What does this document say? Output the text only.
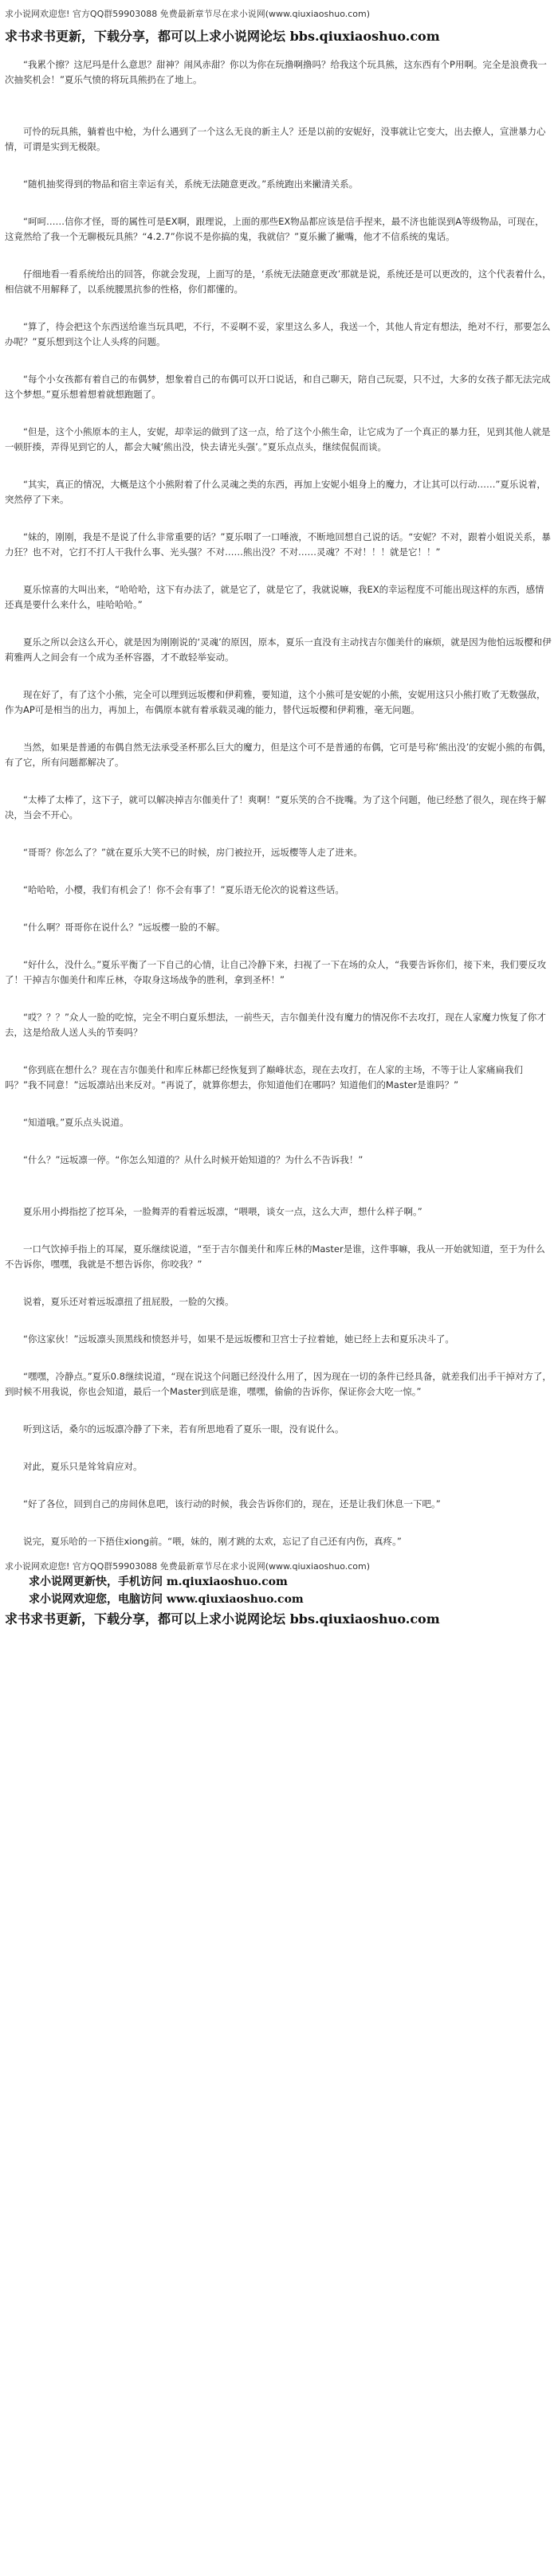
求小说网欢迎您! 官方QQ群59903088 免费最新章节尽在求小说网(www.qiuxiaoshuo.com)
求书求书更新，下载分享，都可以上求小说网论坛 bbs.qiuxiaoshuo.com

“我累个擦？这尼玛是什么意思？甜神？闹风赤甜？你以为你在玩撸啊撸吗？给我这个玩具熊，这东西有个P用啊。完全是浪费我一次抽奖机会！”夏乐气愤的将玩具熊扔在了地上。

可怜的玩具熊，躺着也中枪，为什么遇到了一个这么无良的新主人？还是以前的安妮好，没事就让它变大，出去撩人，宣泄暴力心情，可谓是实到无极限。

“随机抽奖得到的物品和宿主幸运有关，系统无法随意更改。”系统跑出来撇清关系。

“呵呵……信你才怪，哥的属性可是EX啊，跟理说，上面的那些EX物品都应该是信手捏来，最不济也能误到A等级物品，可现在，这竟然给了我一个无聊极玩具熊？“4.2.7”你说不是你搞的鬼，我就信？”夏乐撇了撇嘴，他才不信系统的鬼话。

仔细地看一看系统给出的回答，你就会发现，上面写的是，‘系统无法随意更改’那就是说，系统还是可以更改的，这个代表着什么，相信就不用解释了，以系统腰黑抗参的性格，你们都懂的。

“算了，待会把这个东西送给谁当玩具吧，不行，不妥啊不妥，家里这么多人，我送一个，其他人肯定有想法，绝对不行，那要怎么办呢？”夏乐想到这个让人头疼的问题。

“每个小女孩都有着自己的布偶梦，想象着自己的布偶可以开口说话，和自己聊天，陪自己玩耍，只不过，大多的女孩子都无法完成这个梦想。”夏乐想着想着就想跑题了。

“但是，这个小熊原本的主人，安妮，却幸运的做到了这一点，给了这个小熊生命，让它成为了一个真正的暴力狂，见到其他人就是一顿肝揍，弄得见到它的人，都会大喊‘熊出没，快去请光头强’。”夏乐点点头，继续侃侃而谈。

“其实，真正的情况，大概是这个小熊附着了什么灵魂之类的东西，再加上安妮小姐身上的魔力，才让其可以行动……”夏乐说着，突然停了下来。

“妹的，刚刚，我是不是说了什么非常重要的话？”夏乐咽了一口唾液，不断地回想自己说的话。“安妮？不对，跟着小姐说关系，暴力狂？也不对，它打不打人干我什么事、光头强？不对……熊出没？不对……灵魂？不对！！！就是它！！”

夏乐惊喜的大叫出来，“哈哈哈，这下有办法了，就是它了，就是它了，我就说嘛，我EX的幸运程度不可能出现这样的东西，感情还真是要什么来什么，哇哈哈哈。”

夏乐之所以会这么开心，就是因为刚刚说的‘灵魂’的原因，原本，夏乐一直没有主动找吉尔伽美什的麻烦，就是因为他怕远坂樱和伊莉雅两人之间会有一个成为圣杯容器，才不敢轻举妄动。

现在好了，有了这个小熊，完全可以理到远坂樱和伊莉雅，要知道，这个小熊可是安妮的小熊，安妮用这只小熊打败了无数强敌，作为AP可是相当的出力，再加上，布偶原本就有着承载灵魂的能力，替代远坂樱和伊莉雅，毫无问题。

当然，如果是普通的布偶自然无法承受圣杯那么巨大的魔力，但是这个可不是普通的布偶，它可是号称‘熊出没’的安妮小熊的布偶，有了它，所有问题都解决了。

“太棒了太棒了，这下子，就可以解决掉吉尔伽美什了！爽啊！”夏乐笑的合不拢嘴。为了这个问题，他已经愁了很久，现在终于解决，当会不开心。

“哥哥？你怎么了？”就在夏乐大笑不已的时候，房门被拉开，远坂樱等人走了进来。

“哈哈哈，小樱，我们有机会了！你不会有事了！”夏乐语无伦次的说着这些话。

“什么啊？哥哥你在说什么？”远坂樱一脸的不解。

“好什么，没什么。”夏乐平衡了一下自己的心情，让自己冷静下来，扫视了一下在场的众人，“我要告诉你们，接下来，我们要反攻了！干掉吉尔伽美什和库丘林，夺取身这场战争的胜利，拿到圣杯！”

“哎？？？”众人一脸的吃惊，完全不明白夏乐想法，一前些天，吉尔伽美什没有魔力的情况你不去攻打，现在人家魔力恢复了你才去，这是给敌人送人头的节奏吗？

“你到底在想什么？现在吉尔伽美什和库丘林都已经恢复到了巅峰状态，现在去攻打，在人家的主场，不等于让人家痛扁我们吗？”我不同意！”远坂凛站出来反对。“再说了，就算你想去，你知道他们在哪吗？知道他们的Master是谁吗？”

“知道哦。”夏乐点头说道。

“什么？”远坂凛一停。“你怎么知道的？从什么时候开始知道的？为什么不告诉我！”

夏乐用小拇指挖了挖耳朵，一脸舞弄的看着远坂凛，“喂喂，谈女一点，这么大声，想什么样子啊。”

一口气饮掉手指上的耳屎，夏乐继续说道，“至于吉尔伽美什和库丘林的Master是谁，这件事嘛，我从一开始就知道，至于为什么不告诉你，嘿嘿，我就是不想告诉你，你咬我？”

说着，夏乐还对着远坂凛扭了扭屁股，一脸的欠揍。

“你这家伙！”远坂凛头顶黑线和愤怒并号，如果不是远坂樱和卫宫士子拉着她，她已经上去和夏乐决斗了。

“嘿嘿，冷静点。”夏乐0.8继续说道，“现在说这个问题已经没什么用了，因为现在一切的条件已经具备，就差我们出手干掉对方了，到时候不用我说，你也会知道，最后一个Master到底是谁，嘿嘿，偷偷的告诉你，保证你会大吃一惊。”

听到这话，桑尔的远坂凛冷静了下来，若有所思地看了夏乐一眼，没有说什么。

对此，夏乐只是耸耸肩应对。

“好了各位，回到自己的房间休息吧，该行动的时候，我会告诉你们的，现在，还是让我们休息一下吧。”

说完，夏乐哈的一下捂住xiong前。“喂，妹的，刚才跳的太欢，忘记了自己还有内伤，真疼。”

求小说网欢迎您! 官方QQ群59903088 免费最新章节尽在求小说网(www.qiuxiaoshuo.com)
求小说网更新快，手机访问 m.qiuxiaoshuo.com
求小说网欢迎您，电脑访问 www.qiuxiaoshuo.com
求书求书更新，下载分享，都可以上求小说网论坛 bbs.qiuxiaoshuo.com
